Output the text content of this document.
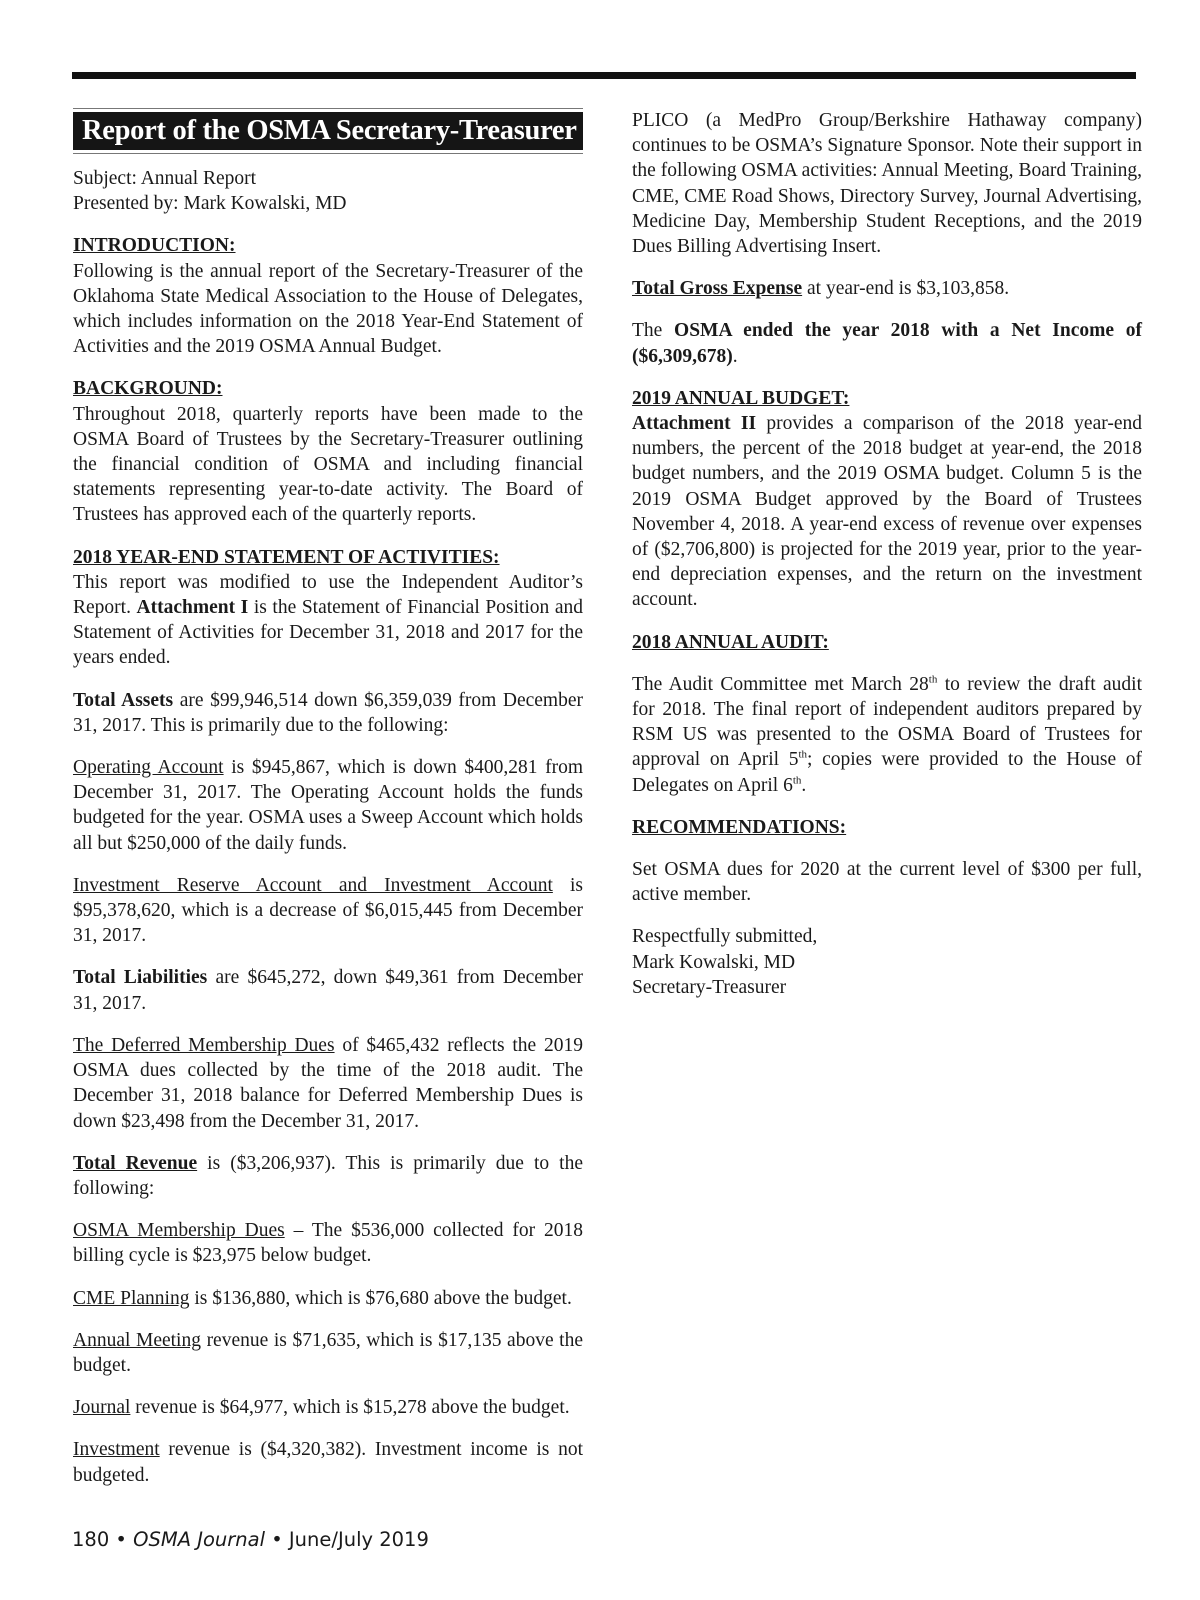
Report of the OSMA Secretary-Treasurer

Subject: Annual Report

Presented by: Mark Kowalski, MD

INTRODUCTION:

Following is the annual report of the Secretary-Treasurer of the Oklahoma State Medical Association to the House of Delegates, which includes information on the 2018 Year-End Statement of Activities and the 2019 OSMA Annual Budget.

BACKGROUND:

Throughout 2018, quarterly reports have been made to the OSMA Board of Trustees by the Secretary-Treasurer outlining the financial condition of OSMA and including financial statements representing year-to-date activity. The Board of Trustees has approved each of the quarterly reports.

2018 YEAR-END STATEMENT OF ACTIVITIES:

This report was modified to use the Independent Auditor’s Report. Attachment I is the Statement of Financial Position and Statement of Activities for December 31, 2018 and 2017 for the years ended.

Total Assets are $99,946,514 down $6,359,039 from December 31, 2017. This is primarily due to the following:

Operating Account is $945,867, which is down $400,281 from December 31, 2017. The Operating Account holds the funds budgeted for the year. OSMA uses a Sweep Account which holds all but $250,000 of the daily funds.

Investment Reserve Account and Investment Account is $95,378,620, which is a decrease of $6,015,445 from December 31, 2017.

Total Liabilities are $645,272, down $49,361 from December 31, 2017.

The Deferred Membership Dues of $465,432 reflects the 2019 OSMA dues collected by the time of the 2018 audit. The December 31, 2018 balance for Deferred Membership Dues is down $23,498 from the December 31, 2017.

Total Revenue is ($3,206,937). This is primarily due to the following:

OSMA Membership Dues – The $536,000 collected for 2018 billing cycle is $23,975 below budget.

CME Planning is $136,880, which is $76,680 above the budget.

Annual Meeting revenue is $71,635, which is $17,135 above the budget.

Journal revenue is $64,977, which is $15,278 above the budget.

Investment revenue is ($4,320,382). Investment income is not budgeted.

PLICO (a MedPro Group/Berkshire Hathaway company) continues to be OSMA’s Signature Sponsor. Note their support in the following OSMA activities: Annual Meeting, Board Training, CME, CME Road Shows, Directory Survey, Journal Advertising, Medicine Day, Membership Student Receptions, and the 2019 Dues Billing Advertising Insert.

Total Gross Expense at year-end is $3,103,858.

The OSMA ended the year 2018 with a Net Income of ($6,309,678).

2019 ANNUAL BUDGET:

Attachment II provides a comparison of the 2018 year-end numbers, the percent of the 2018 budget at year-end, the 2018 budget numbers, and the 2019 OSMA budget. Column 5 is the 2019 OSMA Budget approved by the Board of Trustees November 4, 2018. A year-end excess of revenue over expenses of ($2,706,800) is projected for the 2019 year, prior to the year-end depreciation expenses, and the return on the investment account.

2018 ANNUAL AUDIT:

The Audit Committee met March 28th to review the draft audit for 2018. The final report of independent auditors prepared by RSM US was presented to the OSMA Board of Trustees for approval on April 5th; copies were provided to the House of Delegates on April 6th.

RECOMMENDATIONS:

Set OSMA dues for 2020 at the current level of $300 per full, active member.

Respectfully submitted,
Mark Kowalski, MD
Secretary-Treasurer
180 • OSMA Journal • June/July 2019
